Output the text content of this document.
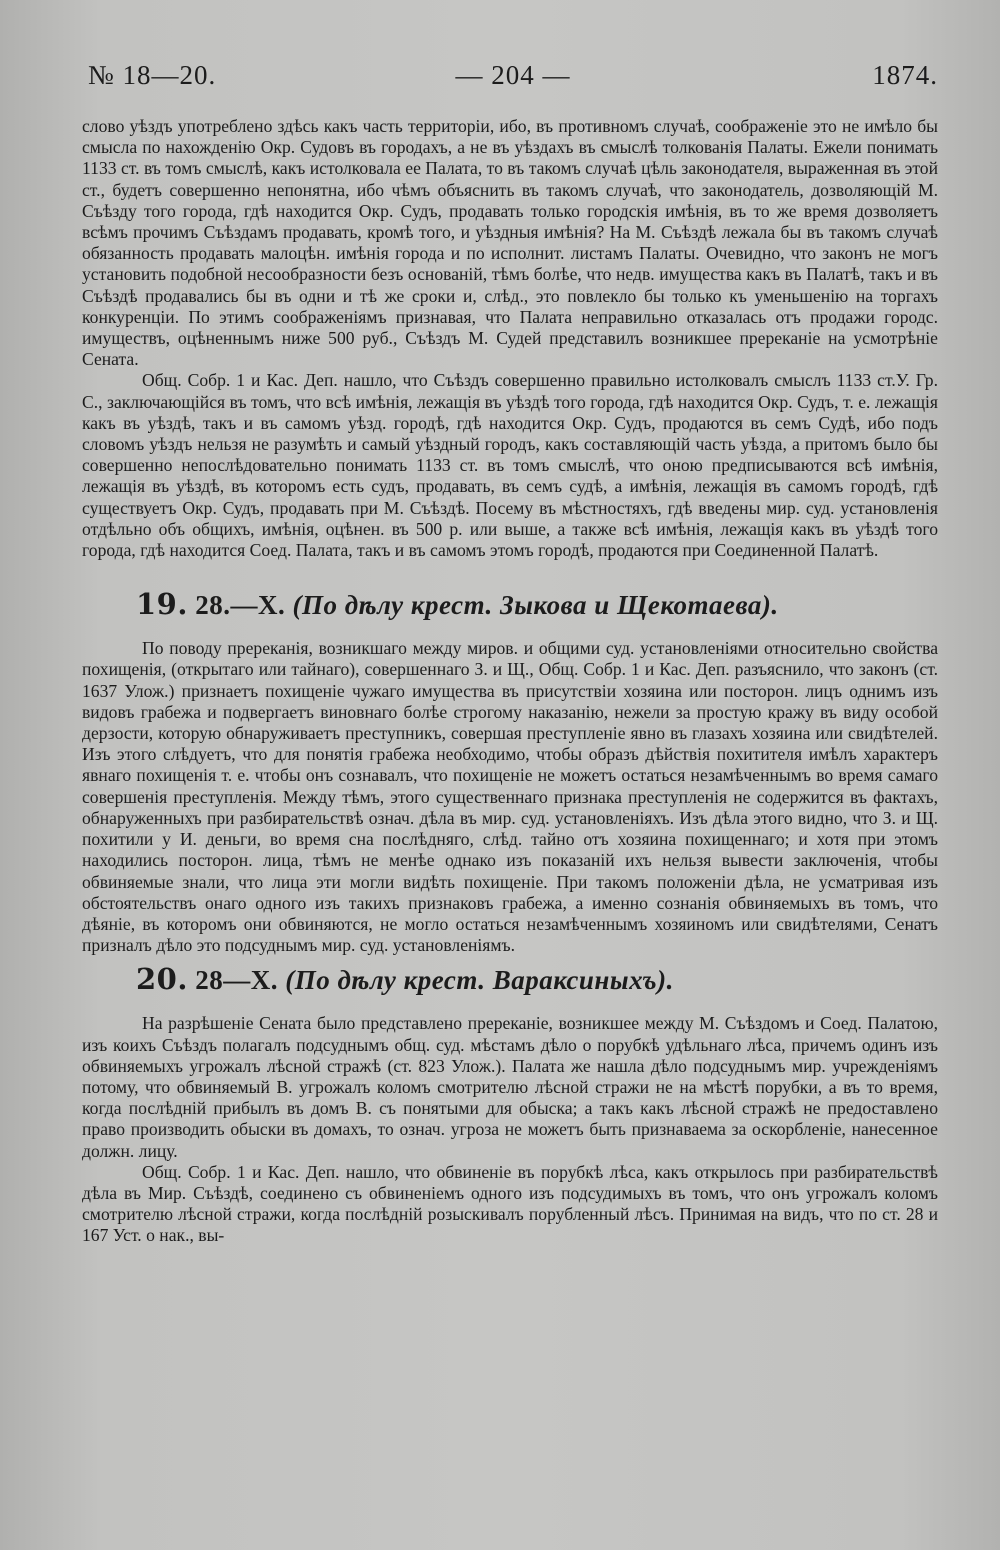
№ 18—20.	— 204 —	1874.

слово уѣздъ употреблено здѣсь какъ часть территоріи, ибо, въ противномъ случаѣ, соображеніе это не имѣло бы смысла по нахожденію Окр. Судовъ въ городахъ, а не въ уѣздахъ въ смыслѣ толкованія Палаты. Ежели понимать 1133 ст. въ томъ смыслѣ, какъ истолковала ее Палата, то въ такомъ случаѣ цѣль законодателя, выраженная въ этой ст., будетъ совершенно непонятна, ибо чѣмъ объяснить въ такомъ случаѣ, что законодатель, дозволяющій М. Съѣзду того города, гдѣ находится Окр. Судъ, продавать только городскія имѣнія, въ то же время дозволяетъ всѣмъ прочимъ Съѣздамъ продавать, кромѣ того, и уѣздныя имѣнія? На М. Съѣздѣ лежала бы въ такомъ случаѣ обязанность продавать малоцѣн. имѣнія города и по исполнит. листамъ Палаты. Очевидно, что законъ не могъ установить подобной несообразности безъ основаній, тѣмъ болѣе, что недв. имущества какъ въ Палатѣ, такъ и въ Съѣздѣ продавались бы въ одни и тѣ же сроки и, слѣд., это повлекло бы только къ уменьшенію на торгахъ конкуренціи. По этимъ соображеніямъ признавая, что Палата неправильно отказалась отъ продажи городс. имуществъ, оцѣненнымъ ниже 500 руб., Съѣздъ М. Судей представилъ возникшее пререканіе на усмотрѣніе Сената.

Общ. Собр. 1 и Кас. Деп. нашло, что Съѣздъ совершенно правильно истолковалъ смыслъ 1133 ст.У. Гр. С., заключающійся въ томъ, что всѣ имѣнія, лежащія въ уѣздѣ того города, гдѣ находится Окр. Судъ, т. е. лежащія какъ въ уѣздѣ, такъ и въ самомъ уѣзд. городѣ, гдѣ находится Окр. Судъ, продаются въ семъ Судѣ, ибо подъ словомъ уѣздъ нельзя не разумѣть и самый уѣздный городъ, какъ составляющій часть уѣзда, а притомъ было бы совершенно непослѣдовательно понимать 1133 ст. въ томъ смыслѣ, что оною предписываются всѣ имѣнія, лежащія въ уѣздѣ, въ которомъ есть судъ, продавать, въ семъ судѣ, а имѣнія, лежащія въ самомъ городѣ, гдѣ существуетъ Окр. Судъ, продавать при М. Съѣздѣ. Посему въ мѣстностяхъ, гдѣ введены мир. суд. установленія отдѣльно объ общихъ, имѣнія, оцѣнен. въ 500 р. или выше, а также всѣ имѣнія, лежащія какъ въ уѣздѣ того города, гдѣ находится Соед. Палата, такъ и въ самомъ этомъ городѣ, продаются при Соединенной Палатѣ.

19. 28.—X. (По дѣлу крест. Зыкова и Щекотаева).

По поводу пререканія, возникшаго между миров. и общими суд. установленіями относительно свойства похищенія, (открытаго или тайнаго), совершеннаго З. и Щ., Общ. Собр. 1 и Кас. Деп. разъяснило, что законъ (ст. 1637 Улож.) признаетъ похищеніе чужаго имущества въ присутствіи хозяина или посторон. лицъ однимъ изъ видовъ грабежа и подвергаетъ виновнаго болѣе строгому наказанію, нежели за простую кражу въ виду особой дерзости, которую обнаруживаетъ преступникъ, совершая преступленіе явно въ глазахъ хозяина или свидѣтелей. Изъ этого слѣдуетъ, что для понятія грабежа необходимо, чтобы образъ дѣйствія похитителя имѣлъ характеръ явнаго похищенія т. е. чтобы онъ сознавалъ, что похищеніе не можетъ остаться незамѣченнымъ во время самаго совершенія преступленія. Между тѣмъ, этого существеннаго признака преступленія не содержится въ фактахъ, обнаруженныхъ при разбирательствѣ означ. дѣла въ мир. суд. установленіяхъ. Изъ дѣла этого видно, что З. и Щ. похитили у И. деньги, во время сна послѣдняго, слѣд. тайно отъ хозяина похищеннаго; и хотя при этомъ находились посторон. лица, тѣмъ не менѣе однако изъ показаній ихъ нельзя вывести заключенія, чтобы обвиняемые знали, что лица эти могли видѣть похищеніе. При такомъ положеніи дѣла, не усматривая изъ обстоятельствъ онаго одного изъ такихъ признаковъ грабежа, а именно сознанія обвиняемыхъ въ томъ, что дѣяніе, въ которомъ они обвиняются, не могло остаться незамѣченнымъ хозяиномъ или свидѣтелями, Сенатъ призналъ дѣло это подсуднымъ мир. суд. установленіямъ.

20. 28—X. (По дѣлу крест. Вараксиныхъ).

На разрѣшеніе Сената было представлено пререканіе, возникшее между М. Съѣздомъ и Соед. Палатою, изъ коихъ Съѣздъ полагалъ подсуднымъ общ. суд. мѣстамъ дѣло о порубкѣ удѣльнаго лѣса, причемъ одинъ изъ обвиняемыхъ угрожалъ лѣсной стражѣ (ст. 823 Улож.). Палата же нашла дѣло подсуднымъ мир. учрежденіямъ потому, что обвиняемый В. угрожалъ коломъ смотрителю лѣсной стражи не на мѣстѣ порубки, а въ то время, когда послѣдній прибылъ въ домъ В. съ понятыми для обыска; а такъ какъ лѣсной стражѣ не предоставлено право производить обыски въ домахъ, то означ. угроза не можетъ быть признаваема за оскорбленіе, нанесенное должн. лицу.

Общ. Собр. 1 и Кас. Деп. нашло, что обвиненіе въ порубкѣ лѣса, какъ открылось при разбирательствѣ дѣла въ Мир. Съѣздѣ, соединено съ обвиненіемъ одного изъ подсудимыхъ въ томъ, что онъ угрожалъ коломъ смотрителю лѣсной стражи, когда послѣдній розыскивалъ порубленный лѣсъ. Принимая на видъ, что по ст. 28 и 167 Уст. о нак., вы-
